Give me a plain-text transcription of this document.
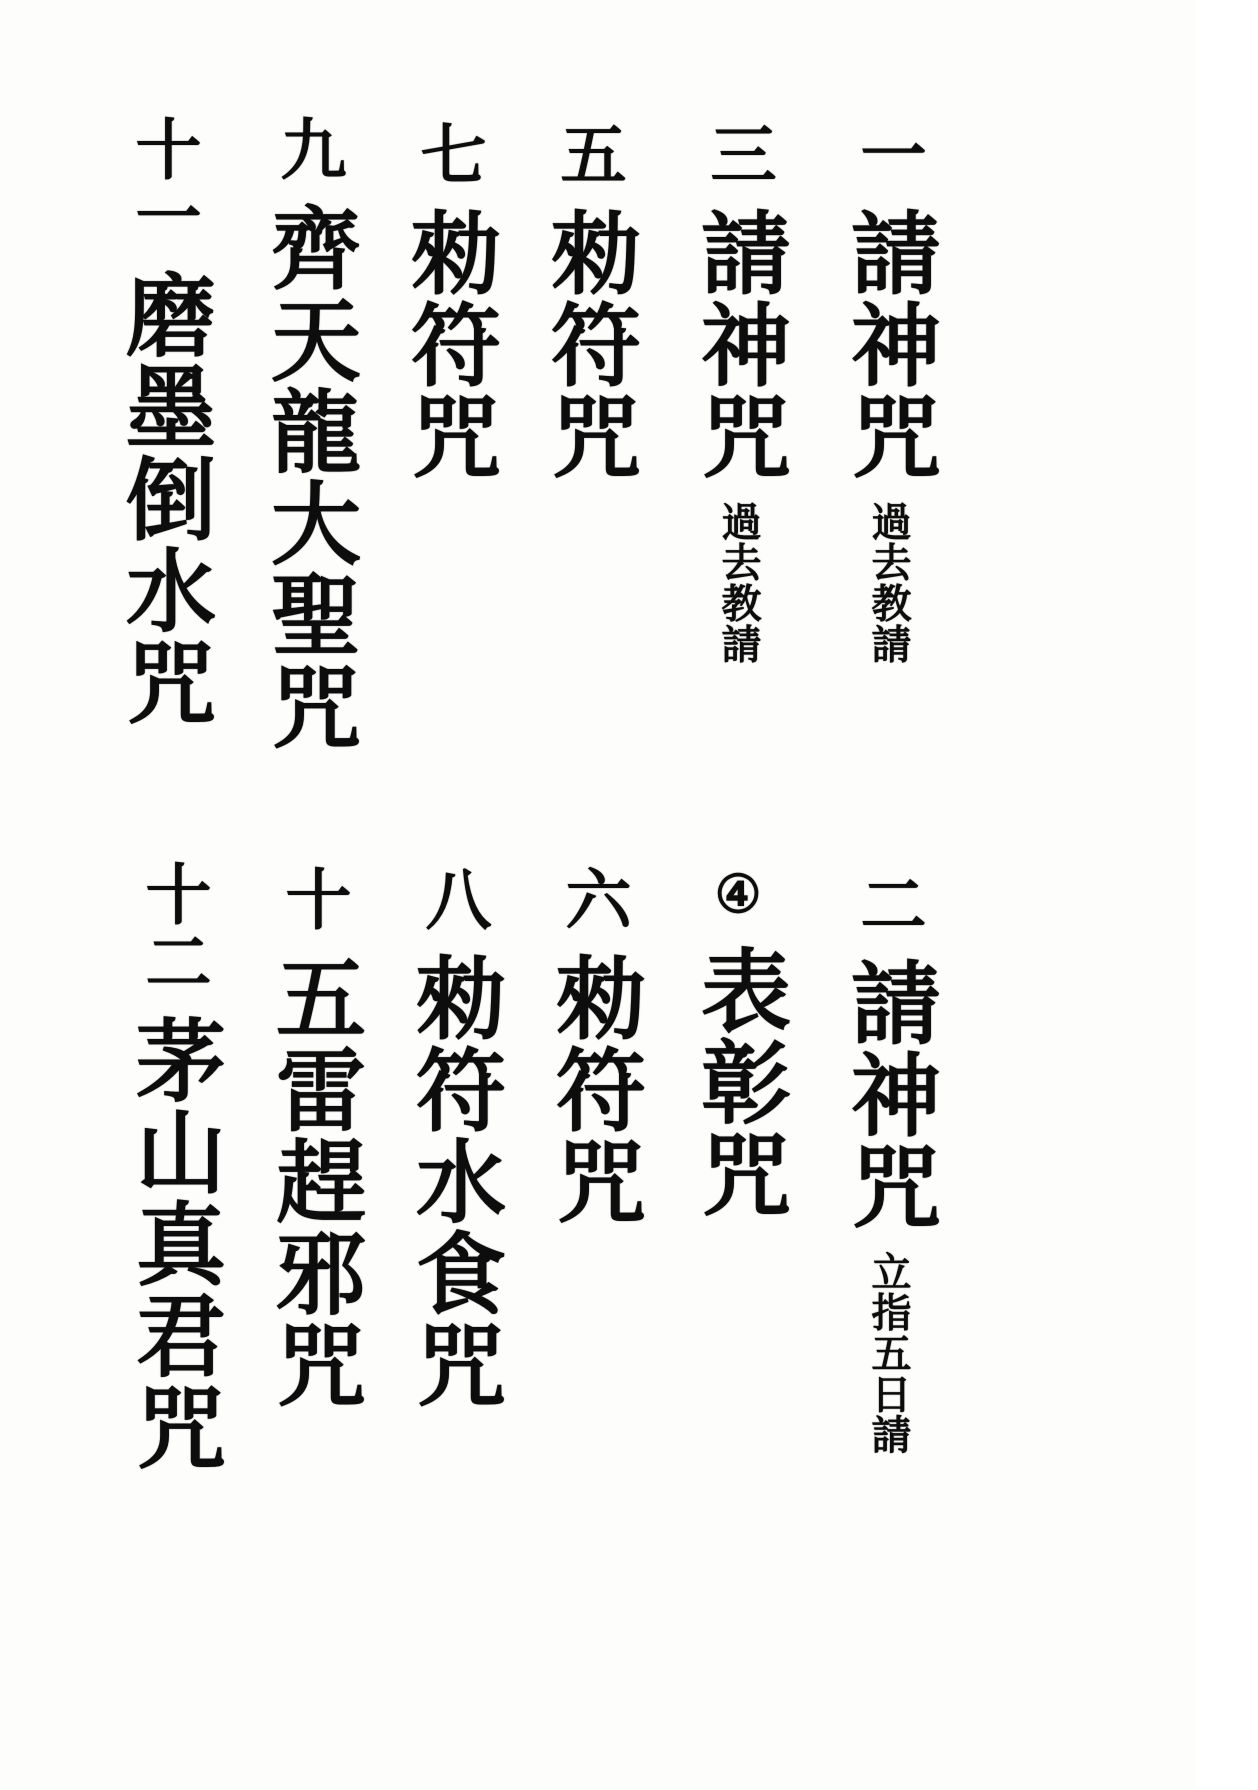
一 請神咒 過去教請
三 請神咒 過去教請
五 勑符咒
七 勑符咒
九 齊天龍大聖咒
十一 磨墨倒水咒
二 請神咒 立指五日請
④ 表彰咒
六 勑符咒
八 勑符水食咒
十 五雷趕邪咒
十二 茅山真君咒
